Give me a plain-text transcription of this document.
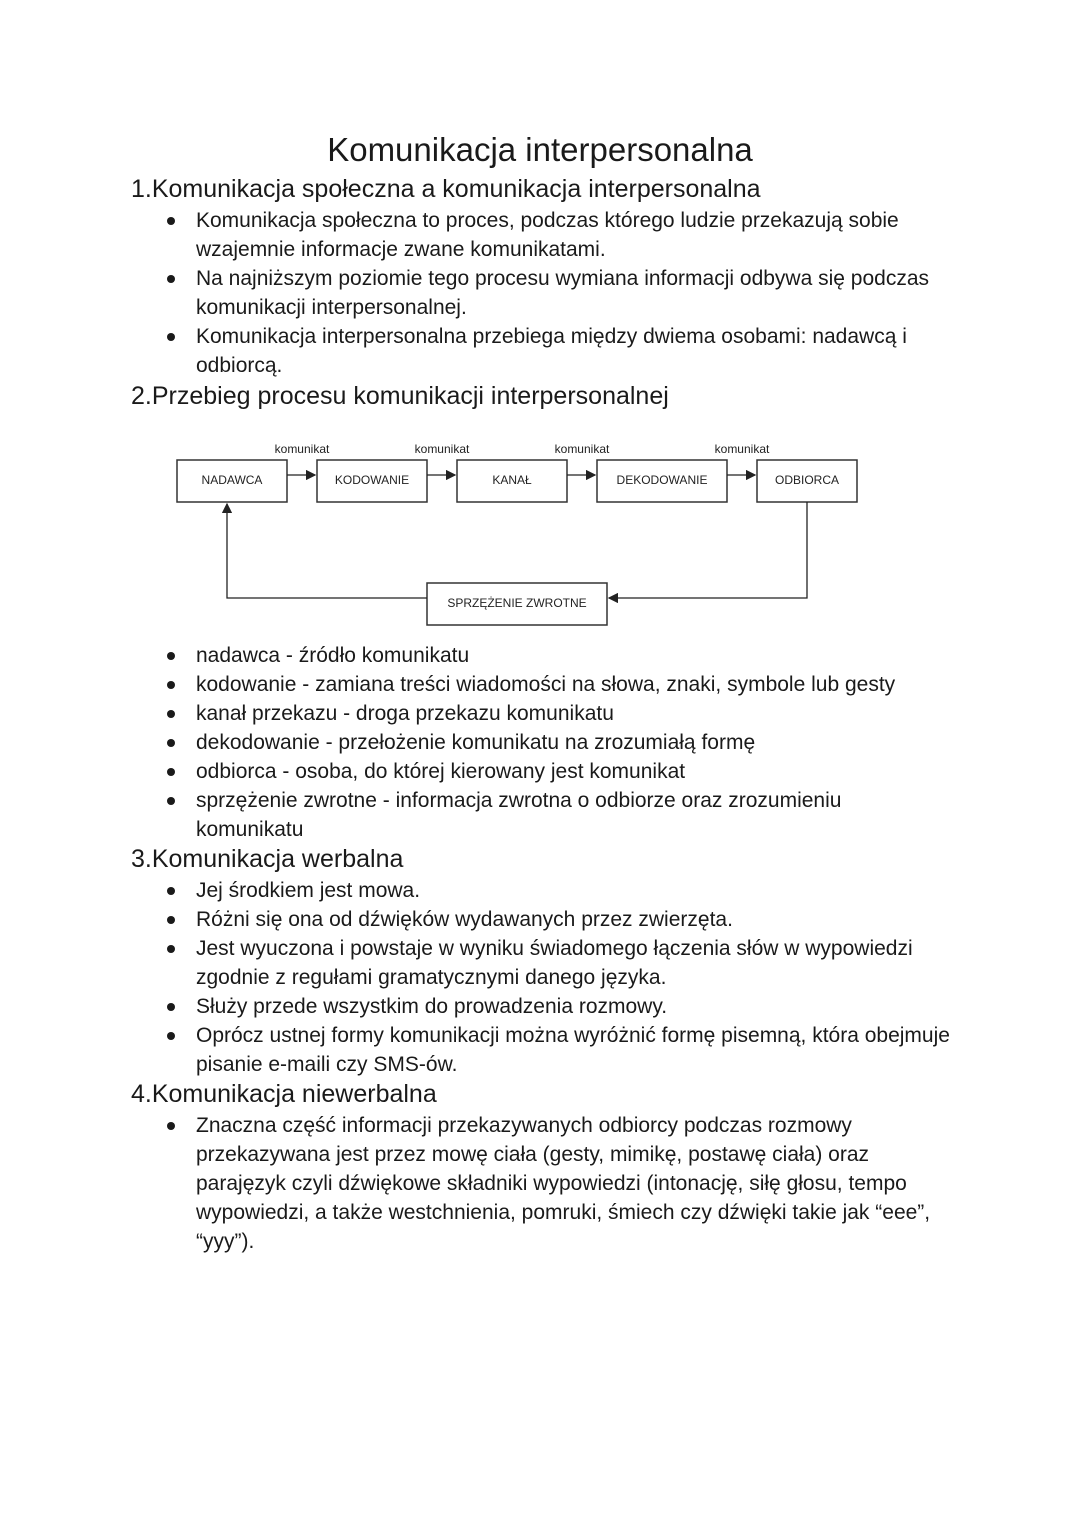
Komunikacja interpersonalna
1.Komunikacja społeczna a komunikacja interpersonalna
Komunikacja społeczna to proces, podczas którego ludzie przekazują sobie wzajemnie informacje zwane komunikatami.
Na najniższym poziomie tego procesu wymiana informacji odbywa się podczas komunikacji interpersonalnej.
Komunikacja interpersonalna przebiega między dwiema osobami: nadawcą i odbiorcą.
2.Przebieg procesu komunikacji interpersonalnej
NADAWCA	KODOWANIE	KANAŁ	DEKODOWANIE	ODBIORCA
komunikat	komunikat	komunikat	komunikat
SPRZĘŻENIE ZWROTNE
nadawca - źródło komunikatu
kodowanie - zamiana treści wiadomości na słowa, znaki, symbole lub gesty
kanał przekazu - droga przekazu komunikatu
dekodowanie - przełożenie komunikatu na zrozumiałą formę
odbiorca - osoba, do której kierowany jest komunikat
sprzężenie zwrotne - informacja zwrotna o odbiorze oraz zrozumieniu komunikatu
3.Komunikacja werbalna
Jej środkiem jest mowa.
Różni się ona od dźwięków wydawanych przez zwierzęta.
Jest wyuczona i powstaje w wyniku świadomego łączenia słów w wypowiedzi zgodnie z regułami gramatycznymi danego języka.
Służy przede wszystkim do prowadzenia rozmowy.
Oprócz ustnej formy komunikacji można wyróżnić formę pisemną, która obejmuje pisanie e-maili czy SMS-ów.
4.Komunikacja niewerbalna
Znaczna część informacji przekazywanych odbiorcy podczas rozmowy przekazywana jest przez mowę ciała (gesty, mimikę, postawę ciała) oraz parajęzyk czyli dźwiękowe składniki wypowiedzi (intonację, siłę głosu, tempo wypowiedzi, a także westchnienia, pomruki, śmiech czy dźwięki takie jak “eee”, “yyy”).
